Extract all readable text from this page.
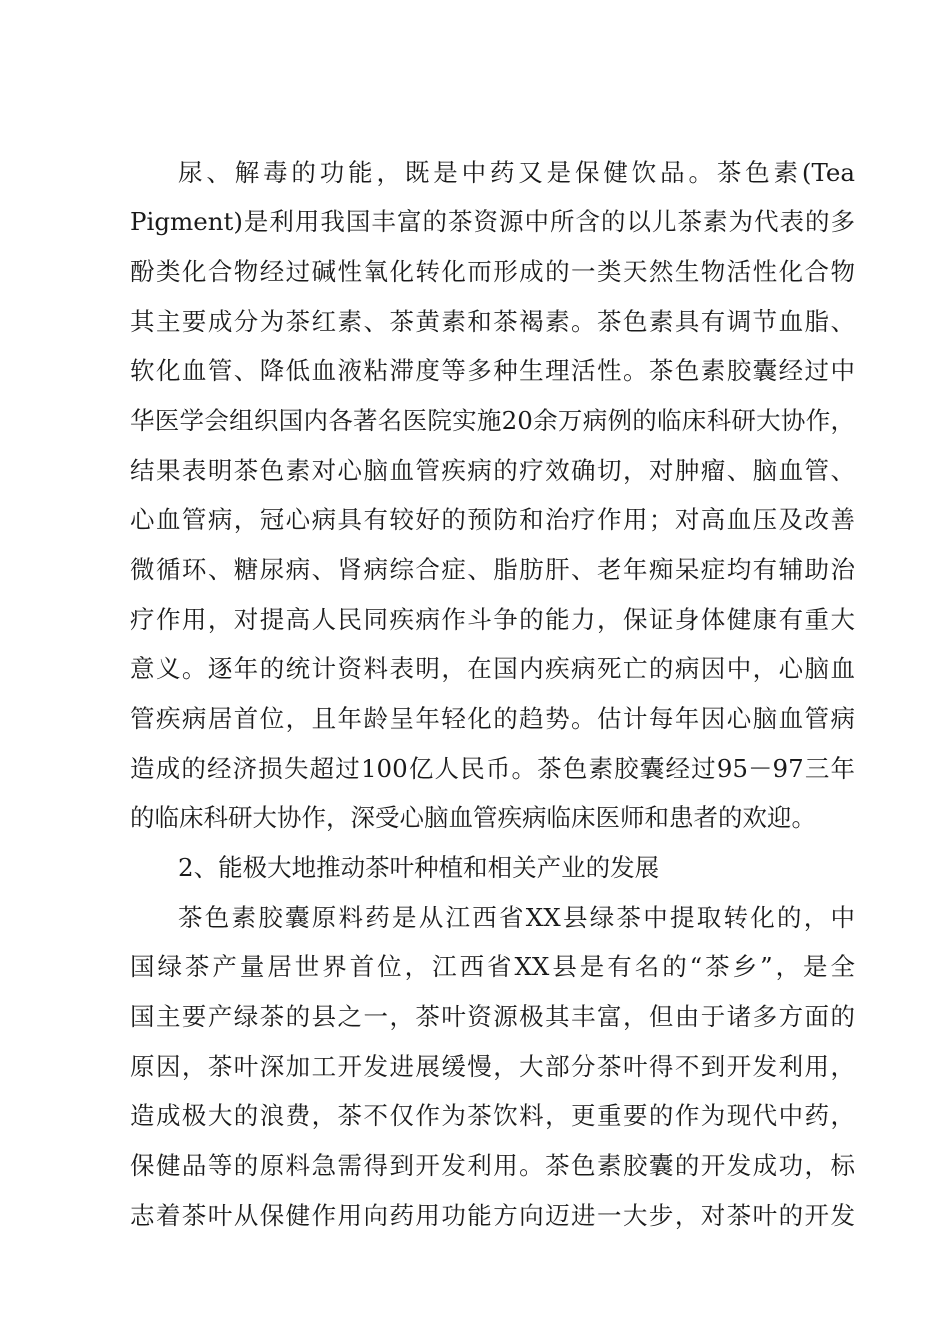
尿、解毒的功能，既是中药又是保健饮品。茶色素(Tea
Pigment)是利用我国丰富的茶资源中所含的以儿茶素为代表的多
酚类化合物经过碱性氧化转化而形成的一类天然生物活性化合物
其主要成分为茶红素、茶黄素和茶褐素。茶色素具有调节血脂、
软化血管、降低血液粘滞度等多种生理活性。茶色素胶囊经过中
华医学会组织国内各著名医院实施20余万病例的临床科研大协作，
结果表明茶色素对心脑血管疾病的疗效确切，对肿瘤、脑血管、
心血管病，冠心病具有较好的预防和治疗作用；对高血压及改善
微循环、糖尿病、肾病综合症、脂肪肝、老年痴呆症均有辅助治
疗作用，对提高人民同疾病作斗争的能力，保证身体健康有重大
意义。逐年的统计资料表明，在国内疾病死亡的病因中，心脑血
管疾病居首位，且年龄呈年轻化的趋势。估计每年因心脑血管病
造成的经济损失超过100亿人民币。茶色素胶囊经过95－97三年
的临床科研大协作，深受心脑血管疾病临床医师和患者的欢迎。
2、能极大地推动茶叶种植和相关产业的发展
茶色素胶囊原料药是从江西省XX县绿茶中提取转化的，中
国绿茶产量居世界首位，江西省XX县是有名的“茶乡”，是全
国主要产绿茶的县之一，茶叶资源极其丰富，但由于诸多方面的
原因，茶叶深加工开发进展缓慢，大部分茶叶得不到开发利用，
造成极大的浪费，茶不仅作为茶饮料，更重要的作为现代中药，
保健品等的原料急需得到开发利用。茶色素胶囊的开发成功，标
志着茶叶从保健作用向药用功能方向迈进一大步，对茶叶的开发
